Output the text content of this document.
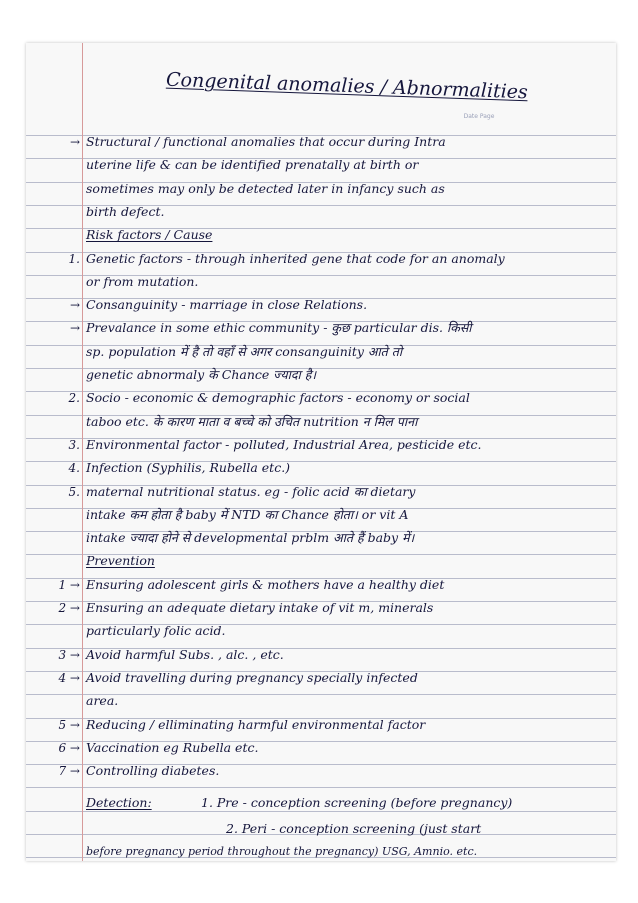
Congenital anomalies / Abnormalities
Date Page
→ Structural / functional anomalies that occur during Intra
uterine life & can be identified prenatally at birth or
sometimes may only be detected later in infancy such as
birth defect.
Risk factors / Cause
1. Genetic factors - through inherited gene that code for an anomaly
or from mutation.
→ Consanguinity - marriage in close Relations.
→ Prevalance in some ethic community - कुछ particular dis. किसी
sp. population में है तो वहाँ से अगर consanguinity आते तो
genetic abnormaly के Chance ज्यादा है।
2. Socio - economic & demographic factors - economy or social
taboo etc. के कारण माता व बच्चे को उचित nutrition न मिल पाना
3. Environmental factor - polluted, Industrial Area, pesticide etc.
4. Infection (Syphilis, Rubella etc.)
5. maternal nutritional status. eg - folic acid का dietary
intake कम होता है baby में NTD का Chance होता। or vit A
intake ज्यादा होने से developmental prblm आते हैं baby में।
Prevention
1 → Ensuring adolescent girls & mothers have a healthy diet
2 → Ensuring an adequate dietary intake of vit m, minerals
particularly folic acid.
3 → Avoid harmful Subs. , alc. , etc.
4 → Avoid travelling during pregnancy specially infected
area.
5 → Reducing / elliminating harmful environmental factor
6 → Vaccination eg Rubella etc.
7 → Controlling diabetes.
Detection:	1. Pre - conception screening (before pregnancy)
2. Peri - conception screening (just start
before pregnancy period throughout the pregnancy) USG, Amnio. etc.
